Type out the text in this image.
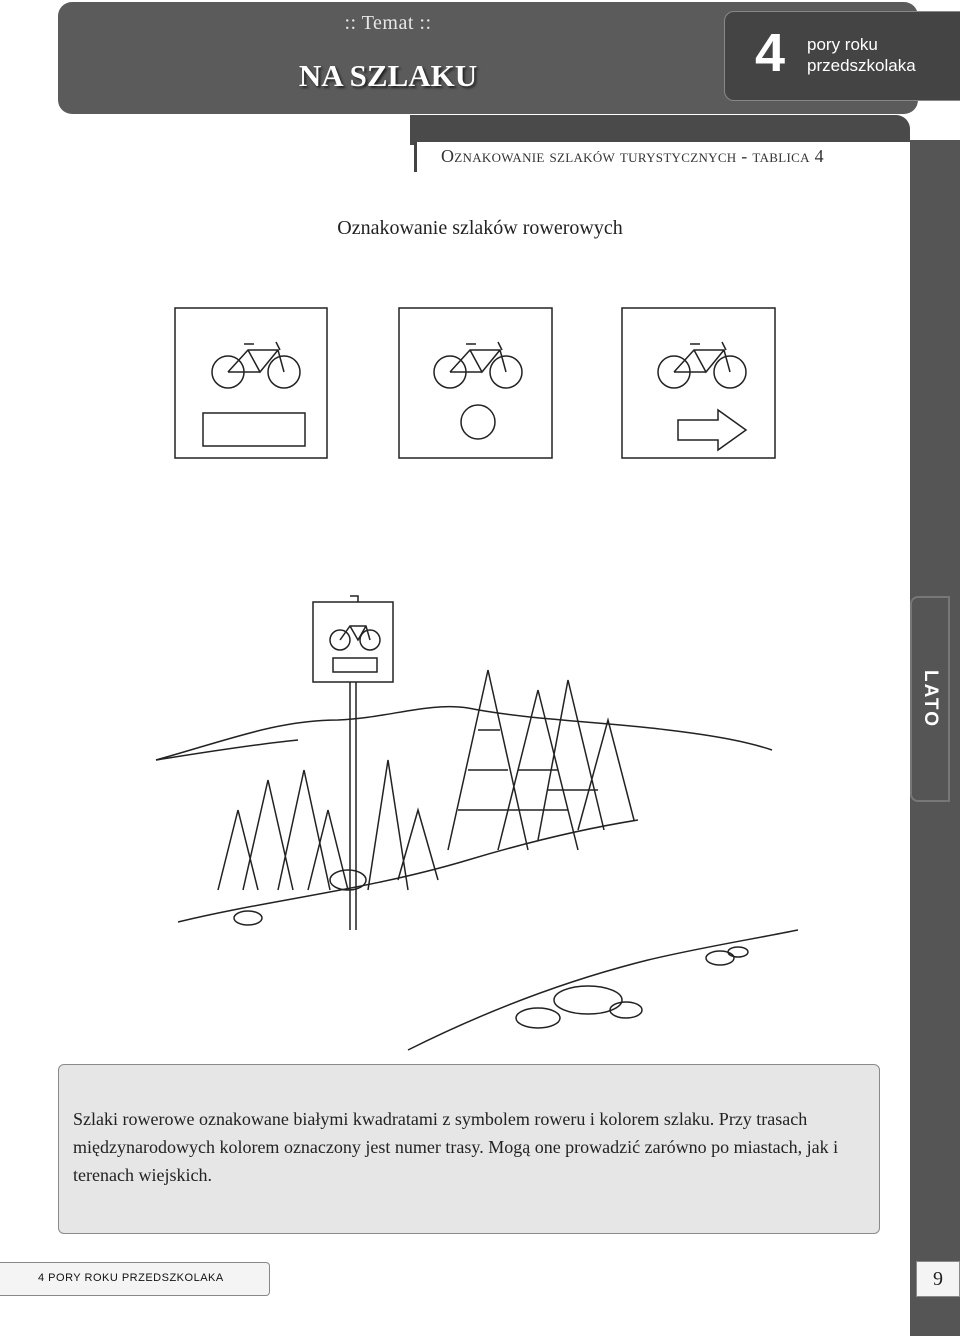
:: Temat ::
NA SZLAKU	4 pory roku
przedszkolaka
Oznakowanie szlaków turystycznych - tablica 4
Oznakowanie szlaków rowerowych
LATO

Szlaki rowerowe oznakowane białymi kwadratami z symbolem roweru i kolorem szlaku. Przy trasach międzynarodowych kolorem oznaczony jest numer trasy. Mogą one prowadzić zarówno po miastach, jak i terenach wiejskich.

4 PORY ROKU PRZEDSZKOLAKA	9
